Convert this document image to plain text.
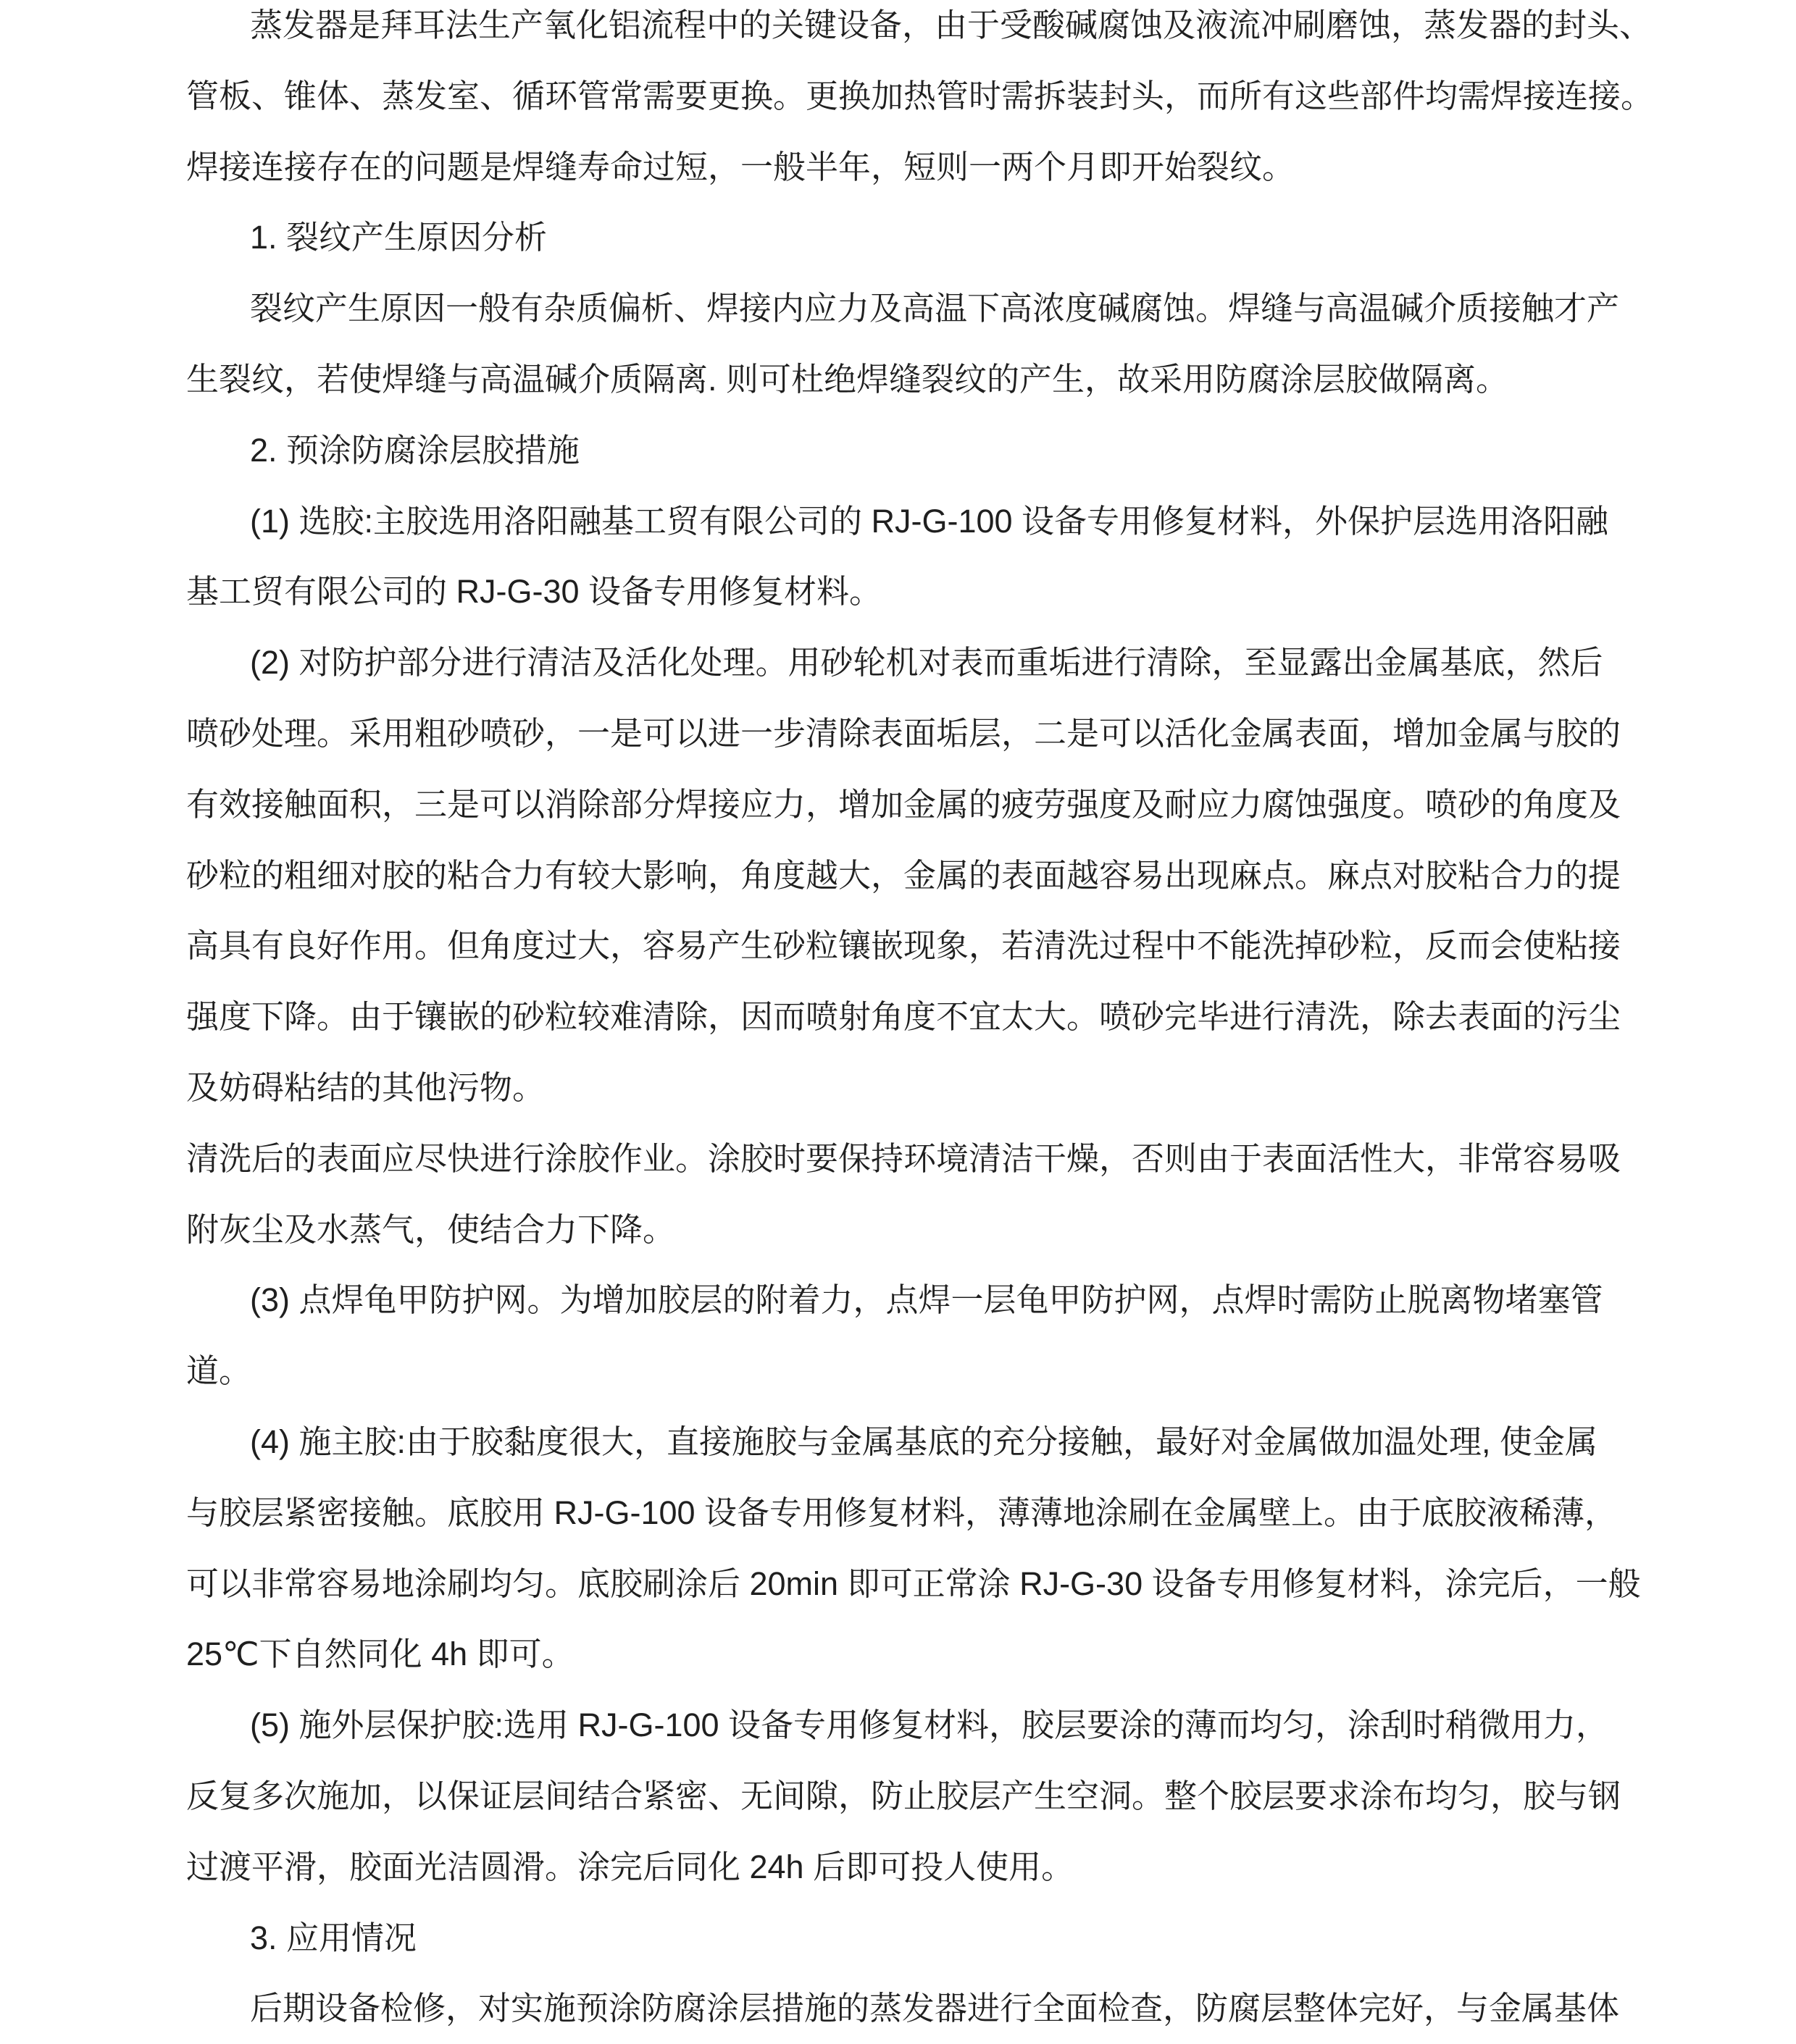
蒸发器是拜耳法生产氧化铝流程中的关键设备，由于受酸碱腐蚀及液流冲刷磨蚀，蒸发器的封头、
管板、锥体、蒸发室、循环管常需要更换。更换加热管时需拆装封头，而所有这些部件均需焊接连接。
焊接连接存在的问题是焊缝寿命过短，一般半年，短则一两个月即开始裂纹。
1. 裂纹产生原因分析
裂纹产生原因一般有杂质偏析、焊接内应力及高温下高浓度碱腐蚀。焊缝与高温碱介质接触才产
生裂纹，若使焊缝与高温碱介质隔离. 则可杜绝焊缝裂纹的产生，故采用防腐涂层胶做隔离。
2. 预涂防腐涂层胶措施
(1) 选胶:主胶选用洛阳融基工贸有限公司的 RJ-G-100 设备专用修复材料，外保护层选用洛阳融
基工贸有限公司的 RJ-G-30 设备专用修复材料。
(2) 对防护部分进行清洁及活化处理。用砂轮机对表而重垢进行清除，至显露出金属基底，然后
喷砂处理。采用粗砂喷砂，一是可以进一步清除表面垢层，二是可以活化金属表面，增加金属与胶的
有效接触面积，三是可以消除部分焊接应力，增加金属的疲劳强度及耐应力腐蚀强度。喷砂的角度及
砂粒的粗细对胶的粘合力有较大影响，角度越大，金属的表面越容易出现麻点。麻点对胶粘合力的提
高具有良好作用。但角度过大，容易产生砂粒镶嵌现象，若清洗过程中不能洗掉砂粒，反而会使粘接
强度下降。由于镶嵌的砂粒较难清除，因而喷射角度不宜太大。喷砂完毕进行清洗，除去表面的污尘
及妨碍粘结的其他污物。
清洗后的表面应尽快进行涂胶作业。涂胶时要保持环境清洁干燥，否则由于表面活性大，非常容易吸
附灰尘及水蒸气，使结合力下降。
(3) 点焊龟甲防护网。为增加胶层的附着力，点焊一层龟甲防护网，点焊时需防止脱离物堵塞管
道。
(4) 施主胶:由于胶黏度很大，直接施胶与金属基底的充分接触，最好对金属做加温处理, 使金属
与胶层紧密接触。底胶用 RJ-G-100 设备专用修复材料，薄薄地涂刷在金属壁上。由于底胶液稀薄，
可以非常容易地涂刷均匀。底胶刷涂后 20min 即可正常涂 RJ-G-30 设备专用修复材料，涂完后，一般
25℃下自然同化 4h 即可。
(5) 施外层保护胶:选用 RJ-G-100 设备专用修复材料，胶层要涂的薄而均匀，涂刮时稍微用力，
反复多次施加，以保证层间结合紧密、无间隙，防止胶层产生空洞。整个胶层要求涂布均匀，胶与钢
过渡平滑，胶面光洁圆滑。涂完后同化 24h 后即可投人使用。
3. 应用情况
后期设备检修，对实施预涂防腐涂层措施的蒸发器进行全面检查，防腐层整体完好，与金属基体
